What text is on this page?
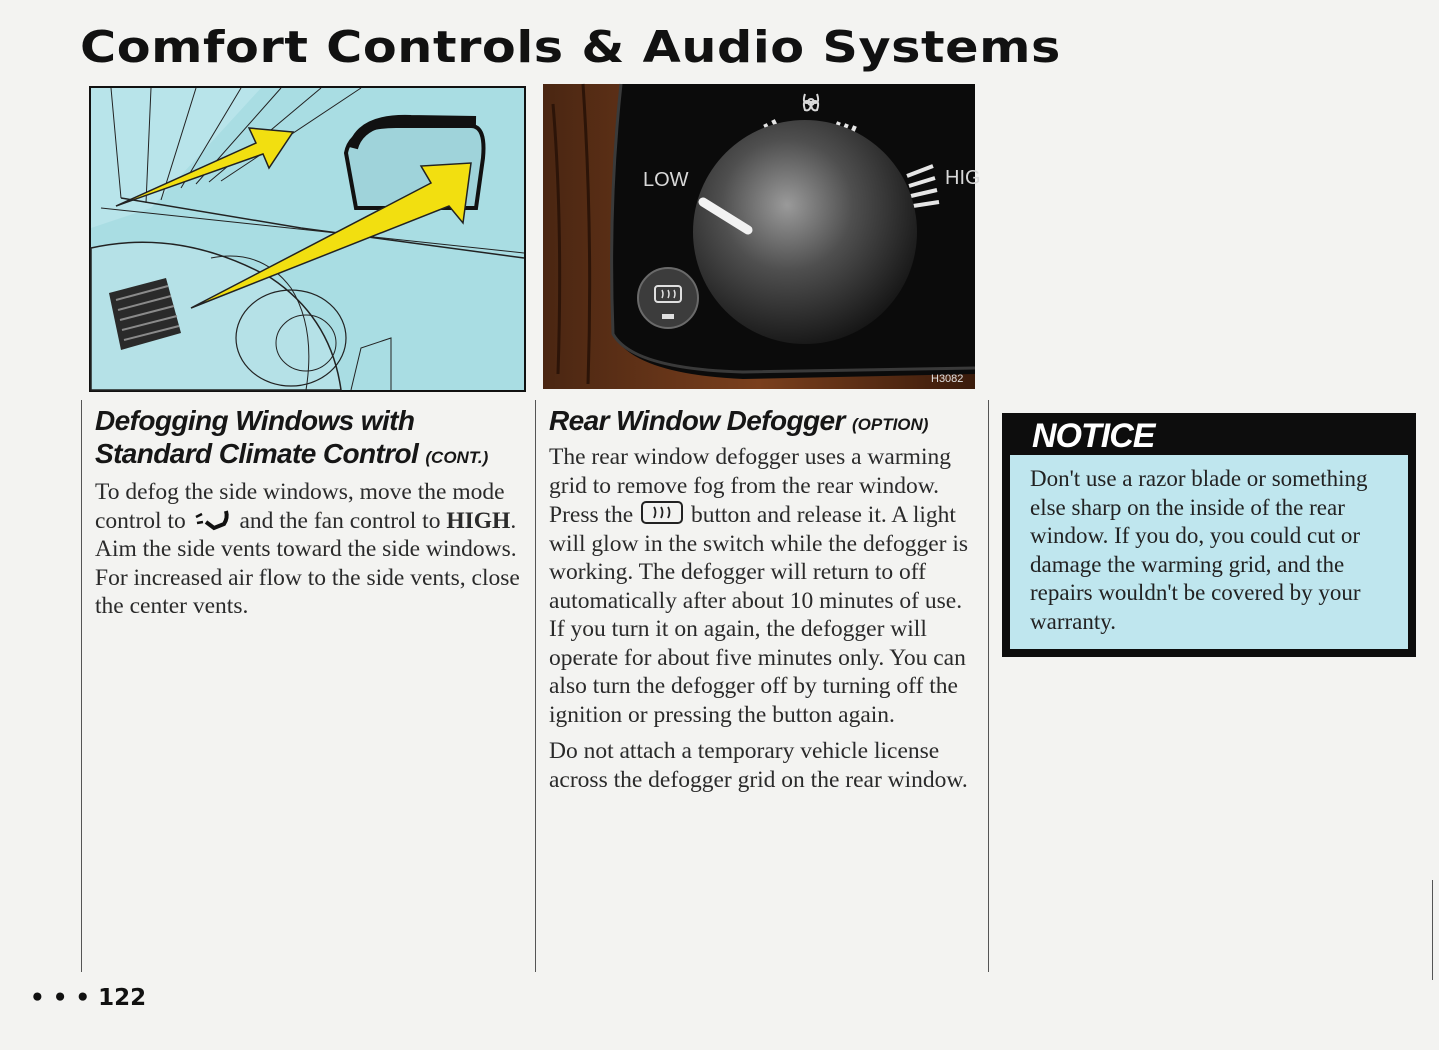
Comfort Controls & Audio Systems
LOW	HIG
H3082
Defogging Windows with
Standard Climate Control (CONT.)
To defog the side windows, move the mode control to and the fan control to HIGH. Aim the side vents toward the side windows. For increased air flow to the side vents, close the center vents.
Rear Window Defogger (OPTION)

The rear window defogger uses a warming grid to remove fog from the rear window. Press the button and release it. A light will glow in the switch while the defogger is working. The defogger will return to off automatically after about 10 minutes of use. If you turn it on again, the defogger will operate for about five minutes only. You can also turn the defogger off by turning off the ignition or pressing the button again.

Do not attach a temporary vehicle license across the defogger grid on the rear window.

NOTICE
Don't use a razor blade or something else sharp on the inside of the rear window. If you do, you could cut or damage the warming grid, and the repairs wouldn't be covered by your warranty.
• • • 122
